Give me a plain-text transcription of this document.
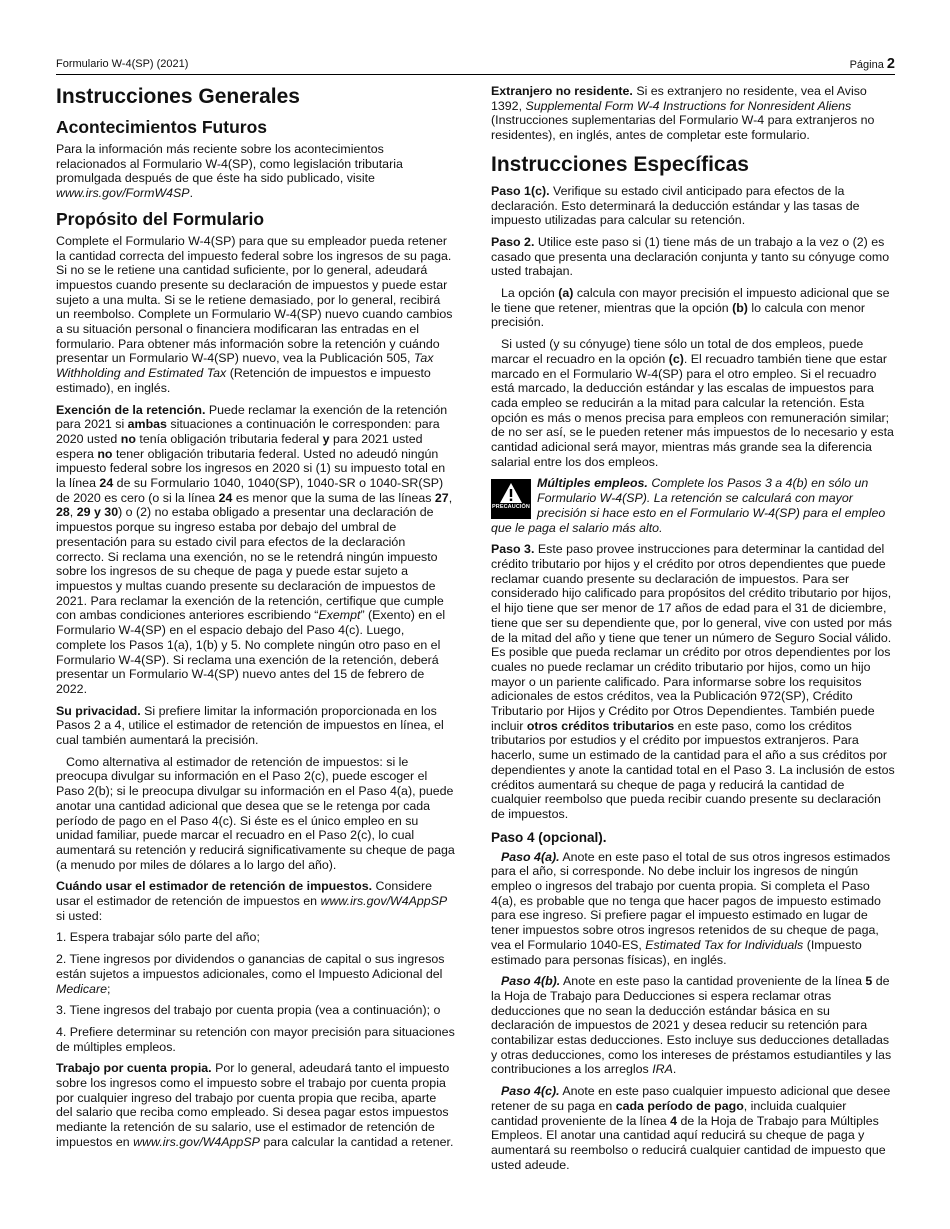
Formulario W-4(SP) (2021)	Página 2
Instrucciones Generales
Acontecimientos Futuros

Para la información más reciente sobre los acontecimientos relacionados al Formulario W-4(SP), como legislación tributaria promulgada después de que éste ha sido publicado, visite www.irs.gov/FormW4SP.

Propósito del Formulario

Complete el Formulario W-4(SP) para que su empleador pueda retener la cantidad correcta del impuesto federal sobre los ingresos de su paga. Si no se le retiene una cantidad suficiente, por lo general, adeudará impuestos cuando presente su declaración de impuestos y puede estar sujeto a una multa. Si se le retiene demasiado, por lo general, recibirá un reembolso. Complete un Formulario W-4(SP) nuevo cuando cambios a su situación personal o financiera modificaran las entradas en el formulario. Para obtener más información sobre la retención y cuándo presentar un Formulario W-4(SP) nuevo, vea la Publicación 505, Tax Withholding and Estimated Tax (Retención de impuestos e impuesto estimado), en inglés.

Exención de la retención. Puede reclamar la exención de la retención para 2021 si ambas situaciones a continuación le corresponden: para 2020 usted no tenía obligación tributaria federal y para 2021 usted espera no tener obligación tributaria federal. Usted no adeudó ningún impuesto federal sobre los ingresos en 2020 si (1) su impuesto total en la línea 24 de su Formulario 1040, 1040(SP), 1040-SR o 1040-SR(SP) de 2020 es cero (o si la línea 24 es menor que la suma de las líneas 27, 28, 29 y 30) o (2) no estaba obligado a presentar una declaración de impuestos porque su ingreso estaba por debajo del umbral de presentación para su estado civil para efectos de la declaración correcto. Si reclama una exención, no se le retendrá ningún impuesto sobre los ingresos de su cheque de paga y puede estar sujeto a impuestos y multas cuando presente su declaración de impuestos de 2021. Para reclamar la exención de la retención, certifique que cumple con ambas condiciones anteriores escribiendo “Exempt” (Exento) en el Formulario W-4(SP) en el espacio debajo del Paso 4(c). Luego, complete los Pasos 1(a), 1(b) y 5. No complete ningún otro paso en el Formulario W-4(SP). Si reclama una exención de la retención, deberá presentar un Formulario W-4(SP) nuevo antes del 15 de febrero de 2022.

Su privacidad. Si prefiere limitar la información proporcionada en los Pasos 2 a 4, utilice el estimador de retención de impuestos en línea, el cual también aumentará la precisión.

Como alternativa al estimador de retención de impuestos: si le preocupa divulgar su información en el Paso 2(c), puede escoger el Paso 2(b); si le preocupa divulgar su información en el Paso 4(a), puede anotar una cantidad adicional que desea que se le retenga por cada período de pago en el Paso 4(c). Si éste es el único empleo en su unidad familiar, puede marcar el recuadro en el Paso 2(c), lo cual aumentará su retención y reducirá significativamente su cheque de paga (a menudo por miles de dólares a lo largo del año).

Cuándo usar el estimador de retención de impuestos. Considere usar el estimador de retención de impuestos en www.irs.gov/W4AppSP si usted:

1. Espera trabajar sólo parte del año;

2. Tiene ingresos por dividendos o ganancias de capital o sus ingresos están sujetos a impuestos adicionales, como el Impuesto Adicional del Medicare;

3. Tiene ingresos del trabajo por cuenta propia (vea a continuación); o

4. Prefiere determinar su retención con mayor precisión para situaciones de múltiples empleos.

Trabajo por cuenta propia. Por lo general, adeudará tanto el impuesto sobre los ingresos como el impuesto sobre el trabajo por cuenta propia por cualquier ingreso del trabajo por cuenta propia que reciba, aparte del salario que reciba como empleado. Si desea pagar estos impuestos mediante la retención de su salario, use el estimador de retención de impuestos en www.irs.gov/W4AppSP para calcular la cantidad a retener.

Extranjero no residente. Si es extranjero no residente, vea el Aviso 1392, Supplemental Form W-4 Instructions for Nonresident Aliens (Instrucciones suplementarias del Formulario W-4 para extranjeros no residentes), en inglés, antes de completar este formulario.

Instrucciones Específicas

Paso 1(c). Verifique su estado civil anticipado para efectos de la declaración. Esto determinará la deducción estándar y las tasas de impuesto utilizadas para calcular su retención.

Paso 2. Utilice este paso si (1) tiene más de un trabajo a la vez o (2) es casado que presenta una declaración conjunta y tanto su cónyuge como usted trabajan.

La opción (a) calcula con mayor precisión el impuesto adicional que se le tiene que retener, mientras que la opción (b) lo calcula con menor precisión.

Si usted (y su cónyuge) tiene sólo un total de dos empleos, puede marcar el recuadro en la opción (c). El recuadro también tiene que estar marcado en el Formulario W-4(SP) para el otro empleo. Si el recuadro está marcado, la deducción estándar y las escalas de impuestos para cada empleo se reducirán a la mitad para calcular la retención. Esta opción es más o menos precisa para empleos con remuneración similar; de no ser así, se le pueden retener más impuestos de lo necesario y esta cantidad adicional será mayor, mientras más grande sea la diferencia salarial entre los dos empleos.

PRECAUCIÓN
Múltiples empleos. Complete los Pasos 3 a 4(b) en sólo un Formulario W-4(SP). La retención se calculará con mayor precisión si hace esto en el Formulario W-4(SP) para el empleo que le paga el salario más alto.

Paso 3. Este paso provee instrucciones para determinar la cantidad del crédito tributario por hijos y el crédito por otros dependientes que puede reclamar cuando presente su declaración de impuestos. Para ser considerado hijo calificado para propósitos del crédito tributario por hijos, el hijo tiene que ser menor de 17 años de edad para el 31 de diciembre, tiene que ser su dependiente que, por lo general, vive con usted por más de la mitad del año y tiene que tener un número de Seguro Social válido. Es posible que pueda reclamar un crédito por otros dependientes por los cuales no puede reclamar un crédito tributario por hijos, como un hijo mayor o un pariente calificado. Para informarse sobre los requisitos adicionales de estos créditos, vea la Publicación 972(SP), Crédito Tributario por Hijos y Crédito por Otros Dependientes. También puede incluir otros créditos tributarios en este paso, como los créditos tributarios por estudios y el crédito por impuestos extranjeros. Para hacerlo, sume un estimado de la cantidad para el año a sus créditos por dependientes y anote la cantidad total en el Paso 3. La inclusión de estos créditos aumentará su cheque de paga y reducirá la cantidad de cualquier reembolso que pueda recibir cuando presente su declaración de impuestos.

Paso 4 (opcional).

Paso 4(a). Anote en este paso el total de sus otros ingresos estimados para el año, si corresponde. No debe incluir los ingresos de ningún empleo o ingresos del trabajo por cuenta propia. Si completa el Paso 4(a), es probable que no tenga que hacer pagos de impuesto estimado para ese ingreso. Si prefiere pagar el impuesto estimado en lugar de tener impuestos sobre otros ingresos retenidos de su cheque de paga, vea el Formulario 1040-ES, Estimated Tax for Individuals (Impuesto estimado para personas físicas), en inglés.

Paso 4(b). Anote en este paso la cantidad proveniente de la línea 5 de la Hoja de Trabajo para Deducciones si espera reclamar otras deducciones que no sean la deducción estándar básica en su declaración de impuestos de 2021 y desea reducir su retención para contabilizar estas deducciones. Esto incluye sus deducciones detalladas y otras deducciones, como los intereses de préstamos estudiantiles y las contribuciones a los arreglos IRA.

Paso 4(c). Anote en este paso cualquier impuesto adicional que desee retener de su paga en cada período de pago, incluida cualquier cantidad proveniente de la línea 4 de la Hoja de Trabajo para Múltiples Empleos. El anotar una cantidad aquí reducirá su cheque de paga y aumentará su reembolso o reducirá cualquier cantidad de impuesto que usted adeude.
